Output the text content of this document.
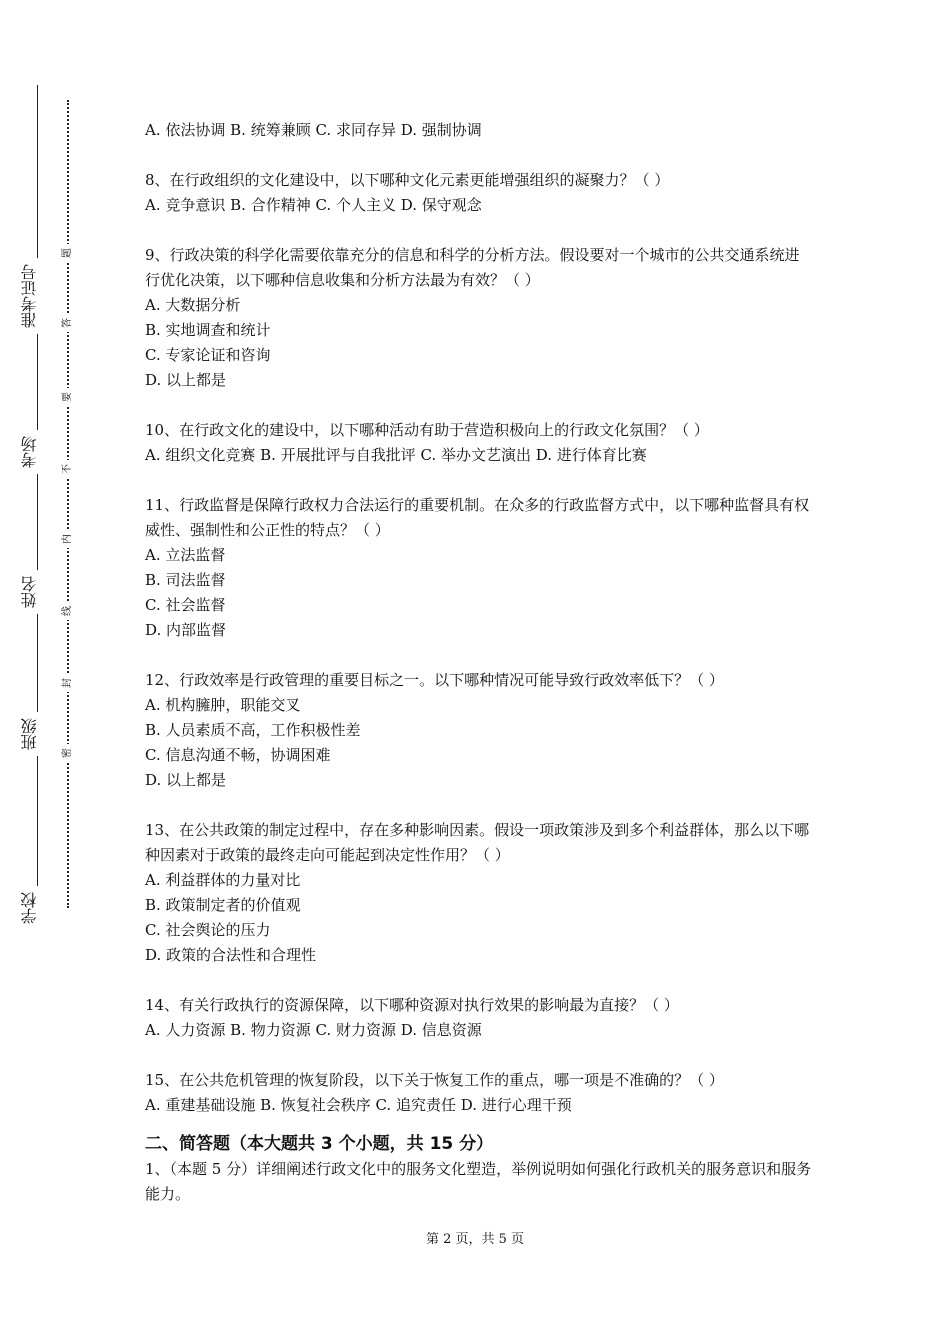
准考证号
考场
姓名
班级
学校
题
答
要
不
内
线
封
密
A. 依法协调 B. 统筹兼顾 C. 求同存异 D. 强制协调
8、在行政组织的文化建设中，以下哪种文化元素更能增强组织的凝聚力？（ ）
A. 竞争意识 B. 合作精神 C. 个人主义 D. 保守观念
9、行政决策的科学化需要依靠充分的信息和科学的分析方法。假设要对一个城市的公共交通系统进行优化决策，以下哪种信息收集和分析方法最为有效？（ ）
A. 大数据分析
B. 实地调查和统计
C. 专家论证和咨询
D. 以上都是
10、在行政文化的建设中，以下哪种活动有助于营造积极向上的行政文化氛围？（ ）
A. 组织文化竞赛 B. 开展批评与自我批评 C. 举办文艺演出 D. 进行体育比赛
11、行政监督是保障行政权力合法运行的重要机制。在众多的行政监督方式中，以下哪种监督具有权威性、强制性和公正性的特点？（ ）
A. 立法监督
B. 司法监督
C. 社会监督
D. 内部监督
12、行政效率是行政管理的重要目标之一。以下哪种情况可能导致行政效率低下？（ ）
A. 机构臃肿，职能交叉
B. 人员素质不高，工作积极性差
C. 信息沟通不畅，协调困难
D. 以上都是
13、在公共政策的制定过程中，存在多种影响因素。假设一项政策涉及到多个利益群体，那么以下哪种因素对于政策的最终走向可能起到决定性作用？（ ）
A. 利益群体的力量对比
B. 政策制定者的价值观
C. 社会舆论的压力
D. 政策的合法性和合理性
14、有关行政执行的资源保障，以下哪种资源对执行效果的影响最为直接？（ ）
A. 人力资源 B. 物力资源 C. 财力资源 D. 信息资源
15、在公共危机管理的恢复阶段，以下关于恢复工作的重点，哪一项是不准确的？（ ）
A. 重建基础设施 B. 恢复社会秩序 C. 追究责任 D. 进行心理干预
二、简答题（本大题共 3 个小题，共 15 分）
1、（本题 5 分）详细阐述行政文化中的服务文化塑造，举例说明如何强化行政机关的服务意识和服务能力。
第 2 页，共 5 页
